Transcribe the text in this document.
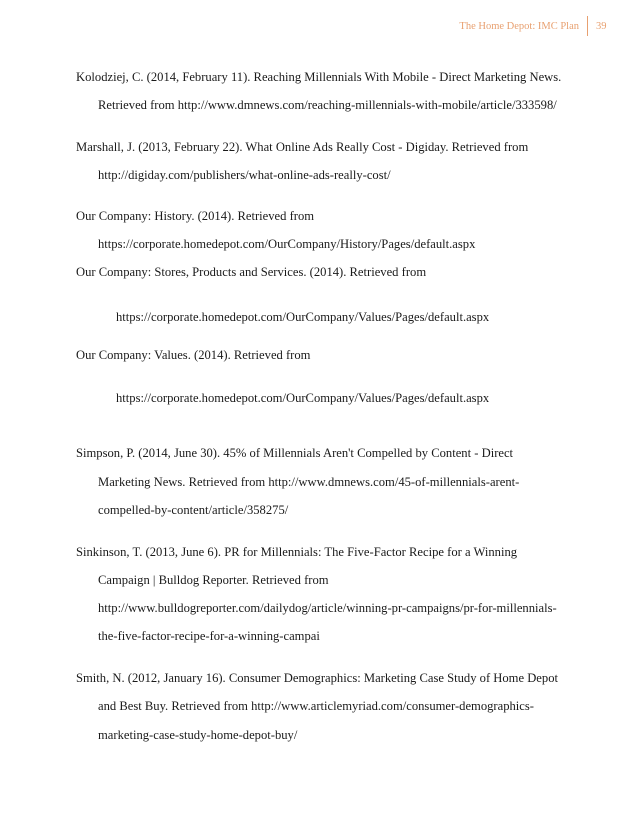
The Home Depot: IMC Plan	39
Kolodziej, C. (2014, February 11). Reaching Millennials With Mobile - Direct Marketing News.
Retrieved from http://www.dmnews.com/reaching-millennials-with-mobile/article/333598/
Marshall, J. (2013, February 22). What Online Ads Really Cost - Digiday. Retrieved from
http://digiday.com/publishers/what-online-ads-really-cost/
Our Company: History. (2014). Retrieved from
https://corporate.homedepot.com/OurCompany/History/Pages/default.aspx
Our Company: Stores, Products and Services. (2014). Retrieved from
https://corporate.homedepot.com/OurCompany/Values/Pages/default.aspx
Our Company: Values. (2014). Retrieved from
https://corporate.homedepot.com/OurCompany/Values/Pages/default.aspx
Simpson, P. (2014, June 30). 45% of Millennials Aren't Compelled by Content - Direct
Marketing News. Retrieved from http://www.dmnews.com/45-of-millennials-arent-
compelled-by-content/article/358275/
Sinkinson, T. (2013, June 6). PR for Millennials: The Five-Factor Recipe for a Winning
Campaign | Bulldog Reporter. Retrieved from
http://www.bulldogreporter.com/dailydog/article/winning-pr-campaigns/pr-for-millennials-
the-five-factor-recipe-for-a-winning-campai
Smith, N. (2012, January 16). Consumer Demographics: Marketing Case Study of Home Depot
and Best Buy. Retrieved from http://www.articlemyriad.com/consumer-demographics-
marketing-case-study-home-depot-buy/
